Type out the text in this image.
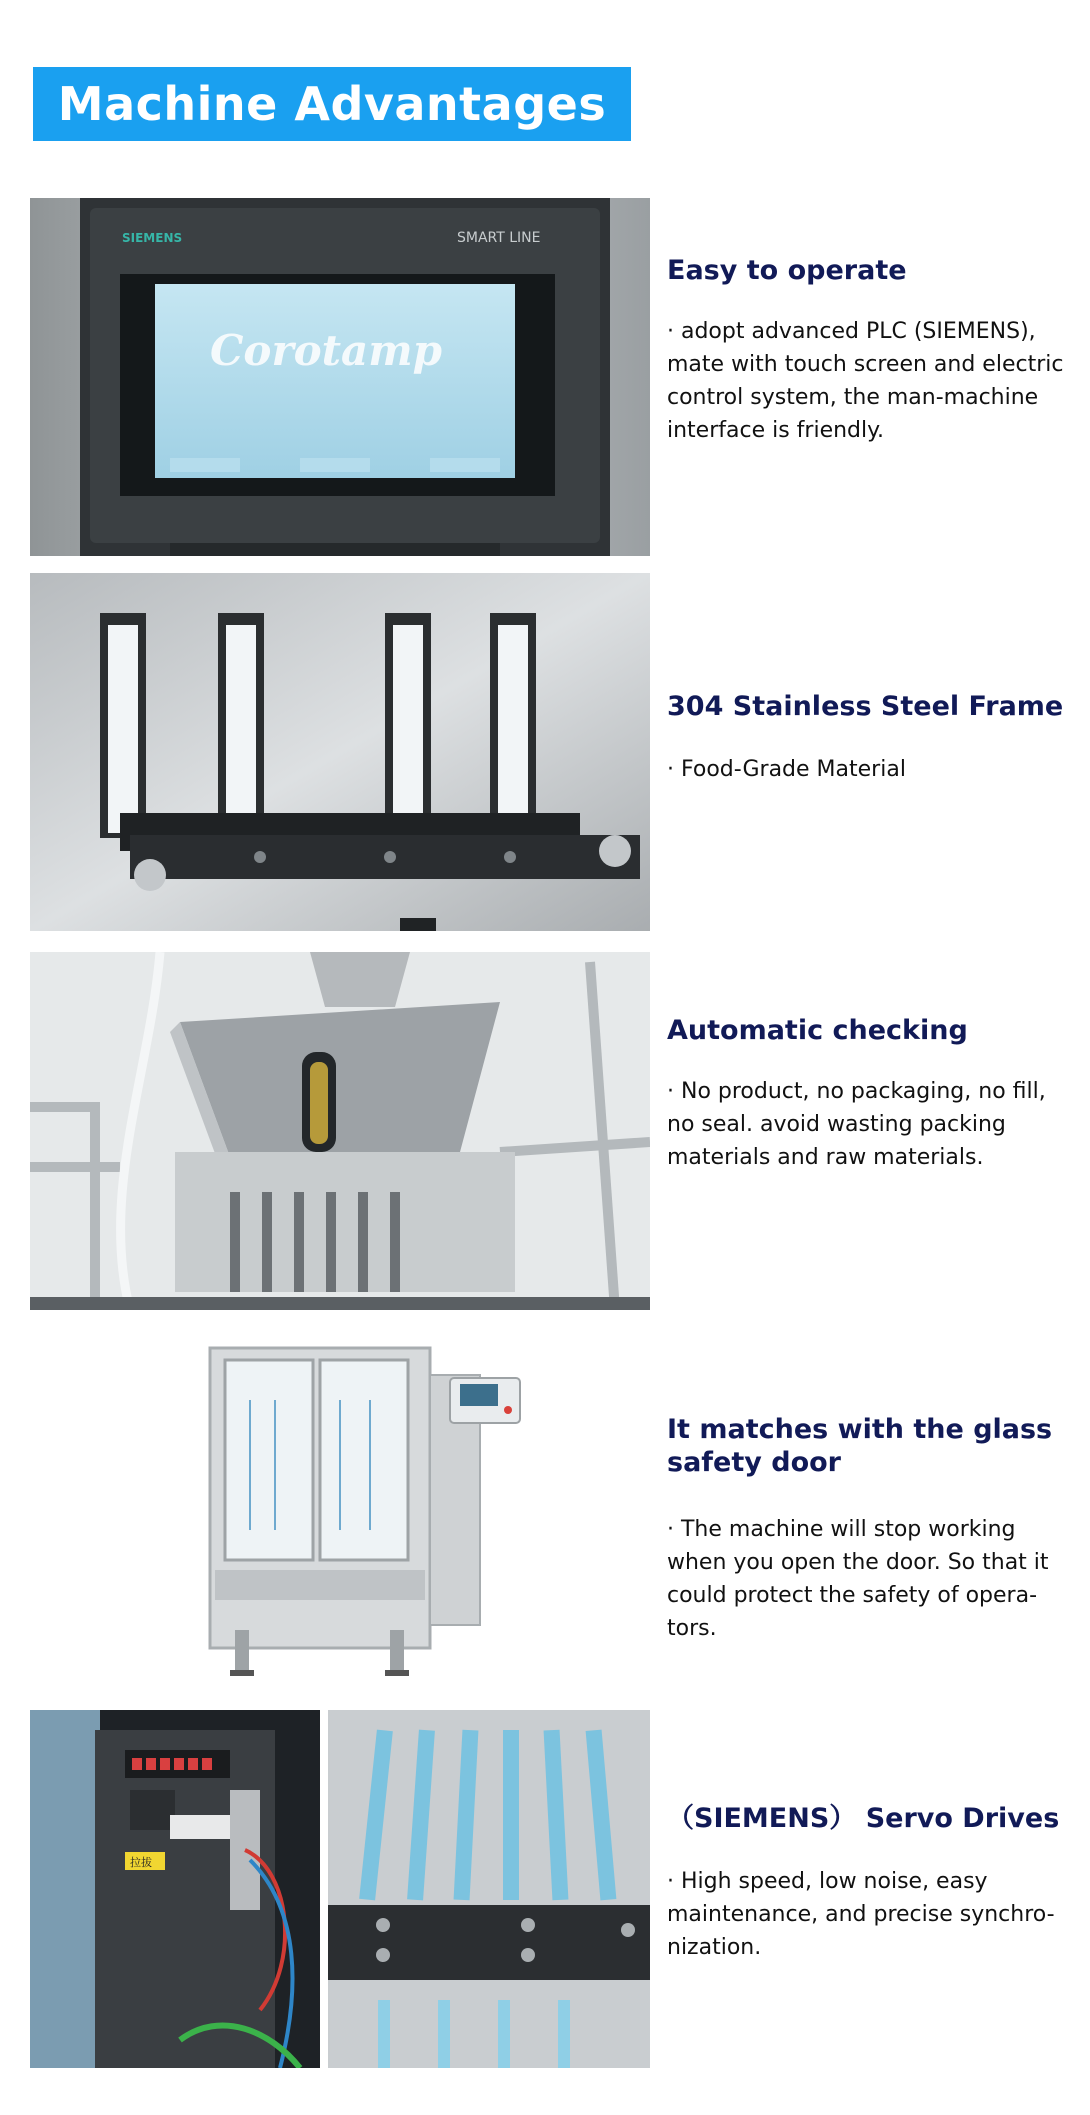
Machine Advantages
SIEMENS	SMART LINE
Corotamp
拉拔
Easy to operate
· adopt advanced PLC (SIEMENS), mate with touch screen and electric control system, the man-machine interface is friendly.
304 Stainless Steel Frame
· Food-Grade Material
Automatic checking
· No product, no packaging, no fill, no seal. avoid wasting packing materials and raw materials.
It matches with the glass safety door
· The machine will stop working when you open the door. So that it could protect the safety of opera-tors.
（SIEMENS） Servo Drives
· High speed, low noise, easy maintenance, and precise synchro-nization.
